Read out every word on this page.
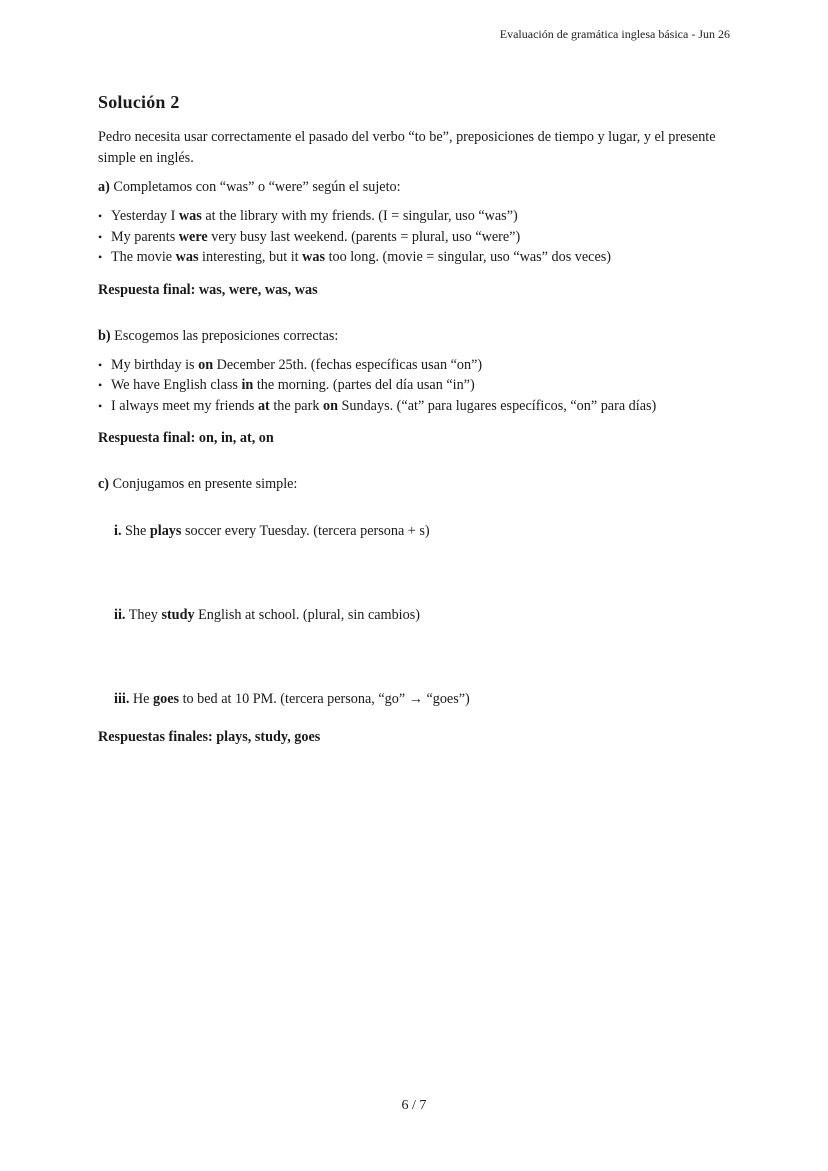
Evaluación de gramática inglesa básica - Jun 26
Solución 2

Pedro necesita usar correctamente el pasado del verbo “to be”, preposiciones de tiempo y lugar, y el presente simple en inglés.

a) Completamos con “was” o “were” según el sujeto:

• Yesterday I was at the library with my friends. (I = singular, uso “was”)
• My parents were very busy last weekend. (parents = plural, uso “were”)
• The movie was interesting, but it was too long. (movie = singular, uso “was” dos veces)

Respuesta final: was, were, was, was

b) Escogemos las preposiciones correctas:

• My birthday is on December 25th. (fechas específicas usan “on”)
• We have English class in the morning. (partes del día usan “in”)
• I always meet my friends at the park on Sundays. (“at” para lugares específicos, “on” para días)

Respuesta final: on, in, at, on

c) Conjugamos en presente simple:

i. She plays soccer every Tuesday. (tercera persona + s)
ii. They study English at school. (plural, sin cambios)
iii. He goes to bed at 10 PM. (tercera persona, “go” → “goes”)

Respuestas finales: plays, study, goes

6 / 7
